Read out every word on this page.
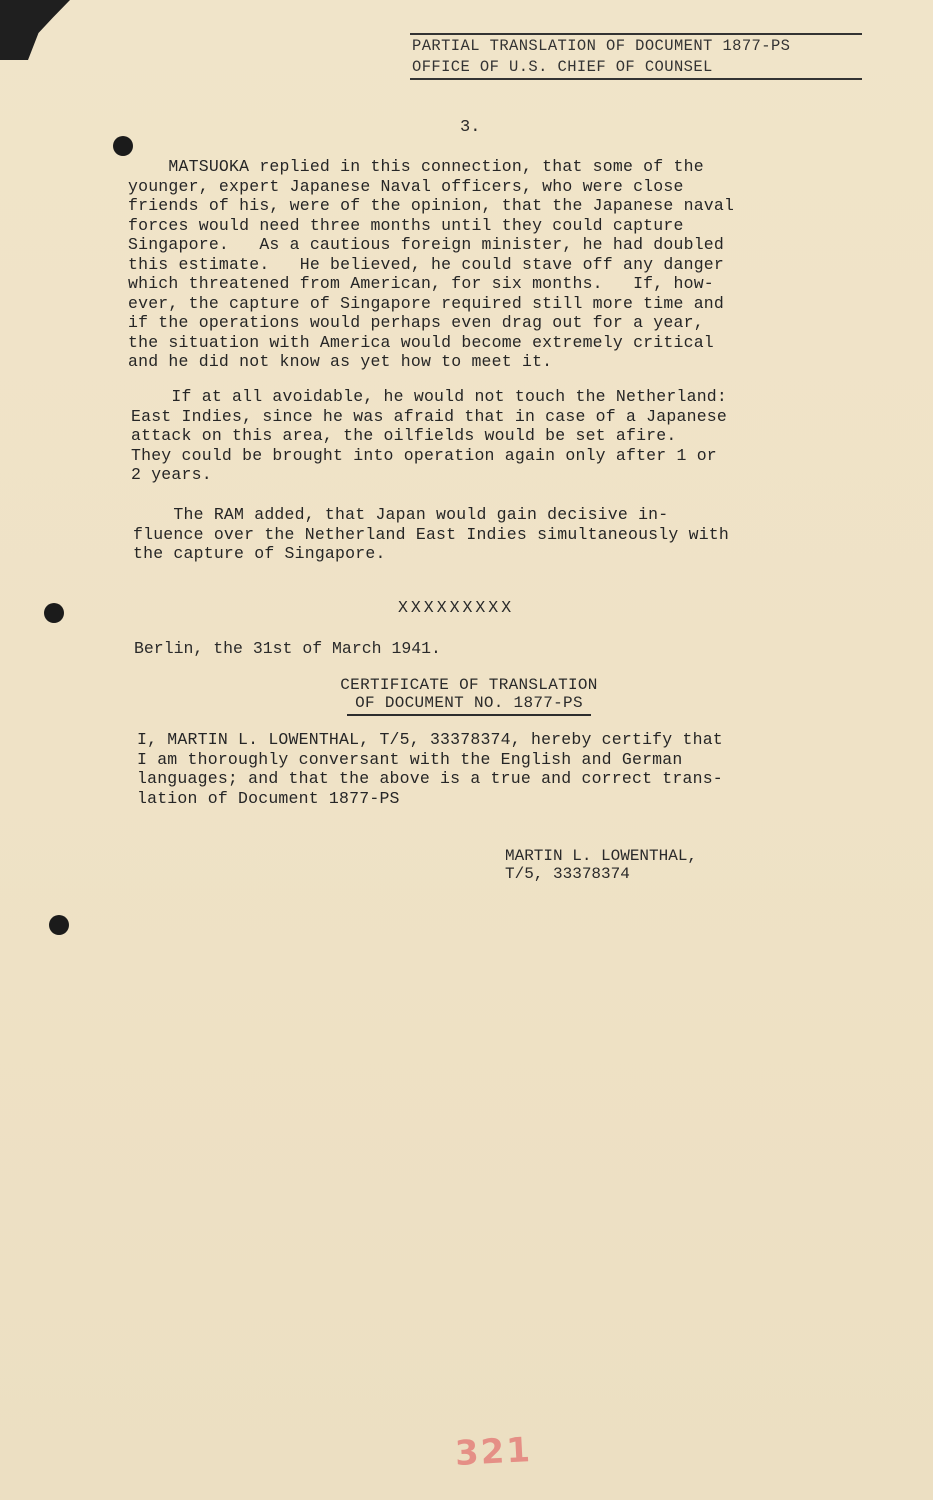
PARTIAL TRANSLATION OF DOCUMENT 1877-PS
OFFICE OF U.S. CHIEF OF COUNSEL
3.
MATSUOKA replied in this connection, that some of the
younger, expert Japanese Naval officers, who were close
friends of his, were of the opinion, that the Japanese naval
forces would need three months until they could capture
Singapore.   As a cautious foreign minister, he had doubled
this estimate.   He believed, he could stave off any danger
which threatened from American, for six months.   If, how-
ever, the capture of Singapore required still more time and
if the operations would perhaps even drag out for a year,
the situation with America would become extremely critical
and he did not know as yet how to meet it.
If at all avoidable, he would not touch the Netherland:
East Indies, since he was afraid that in case of a Japanese
attack on this area, the oilfields would be set afire.
They could be brought into operation again only after 1 or
2 years.
The RAM added, that Japan would gain decisive in-
fluence over the Netherland East Indies simultaneously with
the capture of Singapore.
XXXXXXXXX
Berlin, the 31st of March 1941.
CERTIFICATE OF TRANSLATION
OF DOCUMENT NO. 1877-PS
I, MARTIN L. LOWENTHAL, T/5, 33378374, hereby certify that
I am thoroughly conversant with the English and German
languages; and that the above is a true and correct trans-
lation of Document 1877-PS
MARTIN L. LOWENTHAL,
T/5, 33378374
321
